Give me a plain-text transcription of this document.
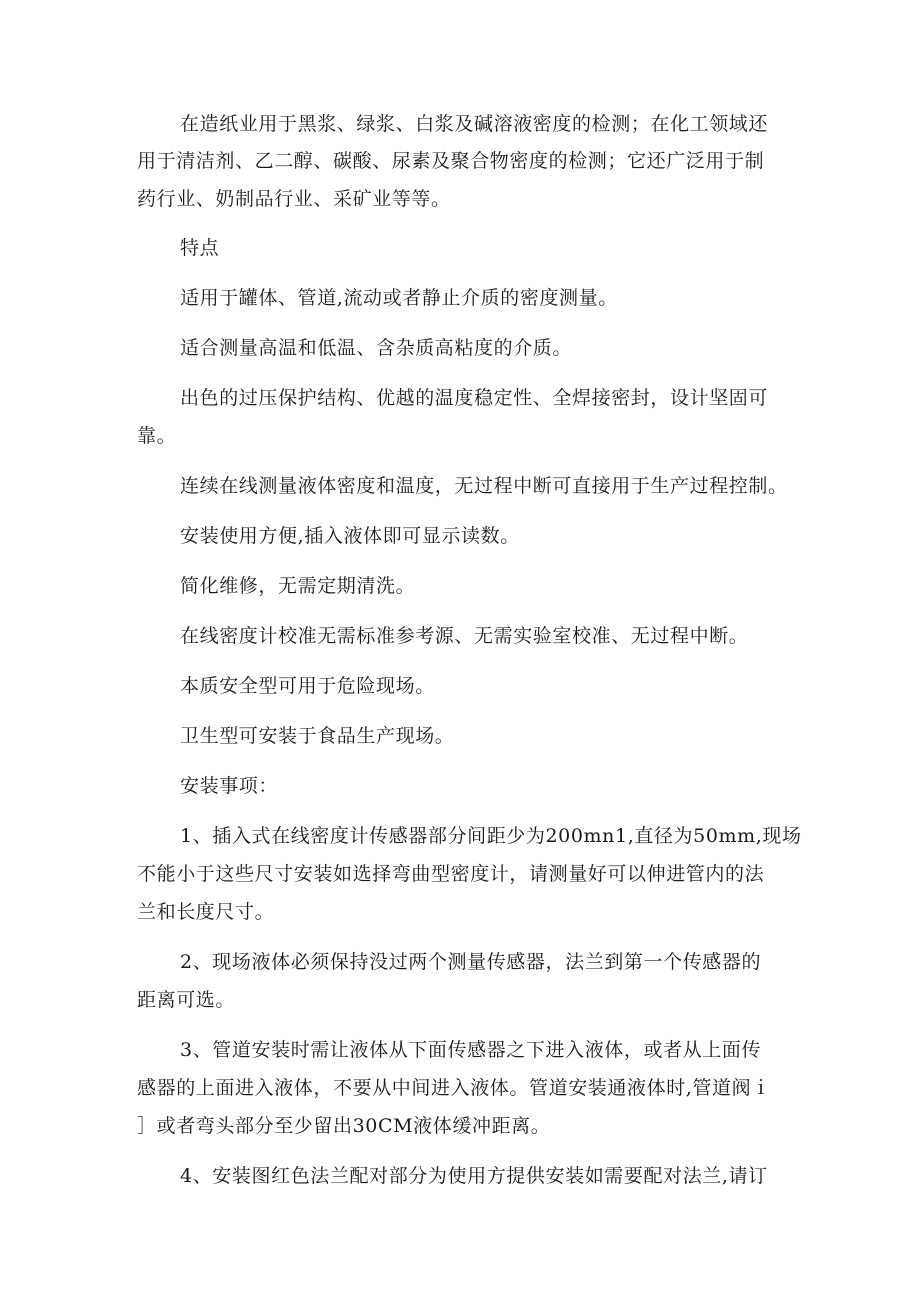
在造纸业用于黑浆、绿浆、白浆及碱溶液密度的检测；在化工领域还
用于清洁剂、乙二醇、碳酸、尿素及聚合物密度的检测；它还广泛用于制
药行业、奶制品行业、采矿业等等。
特点
适用于罐体、管道,流动或者静止介质的密度测量。
适合测量高温和低温、含杂质高粘度的介质。
出色的过压保护结构、优越的温度稳定性、全焊接密封，设计坚固可
靠。
连续在线测量液体密度和温度，无过程中断可直接用于生产过程控制。
安装使用方便,插入液体即可显示读数。
简化维修，无需定期清洗。
在线密度计校准无需标准参考源、无需实验室校准、无过程中断。
本质安全型可用于危险现场。
卫生型可安装于食品生产现场。
安装事项：
1、插入式在线密度计传感器部分间距少为200mn1,直径为50mm,现场
不能小于这些尺寸安装如选择弯曲型密度计，请测量好可以伸进管内的法
兰和长度尺寸。
2、现场液体必须保持没过两个测量传感器，法兰到第一个传感器的
距离可选。
3、管道安装时需让液体从下面传感器之下进入液体，或者从上面传
感器的上面进入液体，不要从中间进入液体。管道安装通液体时,管道阀ｉ
］或者弯头部分至少留出30CM液体缓冲距离。
4、安装图红色法兰配对部分为使用方提供安装如需要配对法兰,请订
